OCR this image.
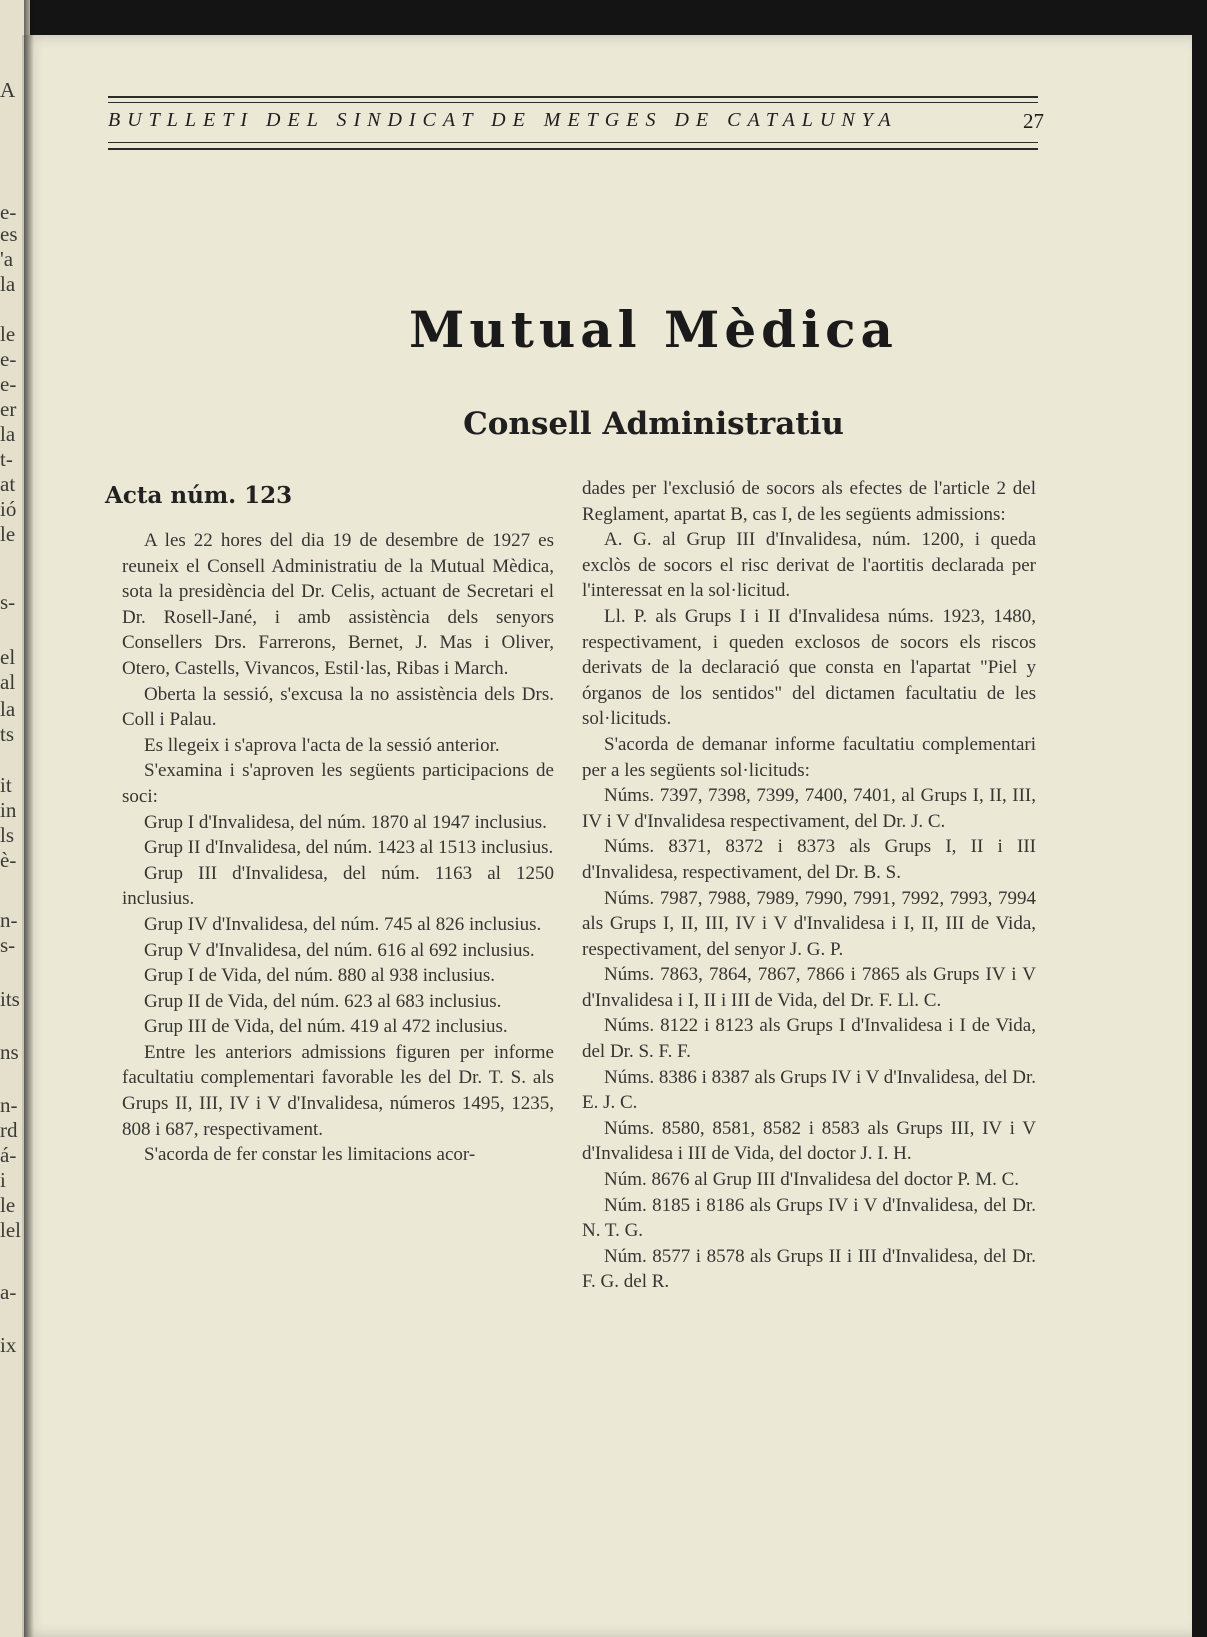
A
e-
es
'a
la
le
e-
e-
er
la
t-
at
ió
le
s-
el
al
la
ts
it
in
ls
è-
n-
s-
its
ns
n-
rd
á-
i
le
lel
a-
ix
BUTLLETI DEL SINDICAT DE METGES DE CATALUNYA	27
Mutual Mèdica
Consell Administratiu
Acta núm. 123

A les 22 hores del dia 19 de desembre de 1927 es reuneix el Consell Administratiu de la Mutual Mèdica, sota la presidència del Dr. Celis, actuant de Secretari el Dr. Rosell-Jané, i amb assistència dels senyors Consellers Drs. Farrerons, Bernet, J. Mas i Oliver, Otero, Castells, Vivancos, Estil·las, Ribas i March.

Oberta la sessió, s'excusa la no assistència dels Drs. Coll i Palau.

Es llegeix i s'aprova l'acta de la sessió anterior.

S'examina i s'aproven les següents participacions de soci:

Grup I d'Invalidesa, del núm. 1870 al 1947 inclusius.

Grup II d'Invalidesa, del núm. 1423 al 1513 inclusius.

Grup III d'Invalidesa, del núm. 1163 al 1250 inclusius.

Grup IV d'Invalidesa, del núm. 745 al 826 inclusius.

Grup V d'Invalidesa, del núm. 616 al 692 inclusius.

Grup I de Vida, del núm. 880 al 938 inclusius.

Grup II de Vida, del núm. 623 al 683 inclusius.

Grup III de Vida, del núm. 419 al 472 inclusius.

Entre les anteriors admissions figuren per informe facultatiu complementari favorable les del Dr. T. S. als Grups II, III, IV i V d'Invalidesa, números 1495, 1235, 808 i 687, respectivament.

S'acorda de fer constar les limitacions acor-

dades per l'exclusió de socors als efectes de l'article 2 del Reglament, apartat B, cas I, de les següents admissions:

A. G. al Grup III d'Invalidesa, núm. 1200, i queda exclòs de socors el risc derivat de l'aortitis declarada per l'interessat en la sol·licitud.

Ll. P. als Grups I i II d'Invalidesa núms. 1923, 1480, respectivament, i queden exclosos de socors els riscos derivats de la declaració que consta en l'apartat "Piel y órganos de los sentidos" del dictamen facultatiu de les sol·licituds.

S'acorda de demanar informe facultatiu complementari per a les següents sol·licituds:

Núms. 7397, 7398, 7399, 7400, 7401, al Grups I, II, III, IV i V d'Invalidesa respectivament, del Dr. J. C.

Núms. 8371, 8372 i 8373 als Grups I, II i III d'Invalidesa, respectivament, del Dr. B. S.

Núms. 7987, 7988, 7989, 7990, 7991, 7992, 7993, 7994 als Grups I, II, III, IV i V d'Invalidesa i I, II, III de Vida, respectivament, del senyor J. G. P.

Núms. 7863, 7864, 7867, 7866 i 7865 als Grups IV i V d'Invalidesa i I, II i III de Vida, del Dr. F. Ll. C.

Núms. 8122 i 8123 als Grups I d'Invalidesa i I de Vida, del Dr. S. F. F.

Núms. 8386 i 8387 als Grups IV i V d'Invalidesa, del Dr. E. J. C.

Núms. 8580, 8581, 8582 i 8583 als Grups III, IV i V d'Invalidesa i III de Vida, del doctor J. I. H.

Núm. 8676 al Grup III d'Invalidesa del doctor P. M. C.

Núm. 8185 i 8186 als Grups IV i V d'Invalidesa, del Dr. N. T. G.

Núm. 8577 i 8578 als Grups II i III d'Invalidesa, del Dr. F. G. del R.
